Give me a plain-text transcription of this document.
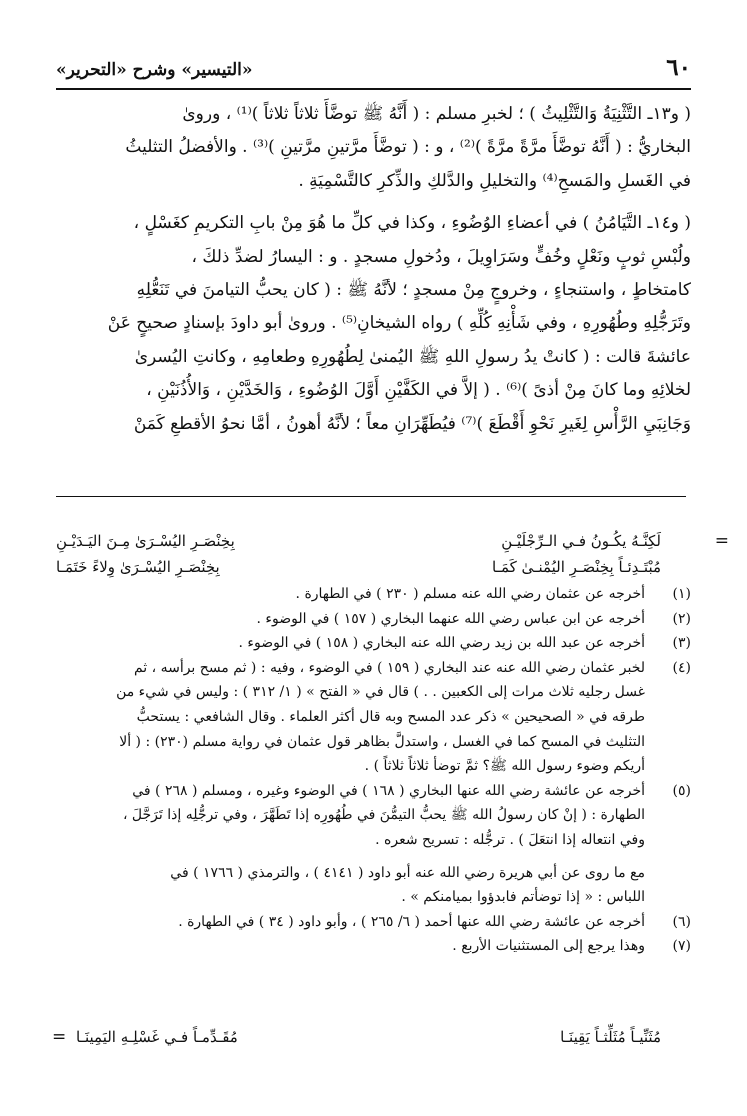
«التيسير» وشرح «التحرير»	٦٠

( و١٣ـ التَّثْنِيَةُ وَالتَّثْلِيثُ ) ؛ لخبرِ مسلم : ( أَنَّهُ ﷺ توضَّأَ ثلاثاً ثلاثاً )⁽¹⁾ ، وروىٰ

البخاريُّ : ( أَنَّهُ توضَّأَ مرَّةً مرَّةً )⁽²⁾ ، و : ( توضَّأَ مرَّتينِ مرَّتينِ )⁽³⁾ . والأفضلُ التثليثُ

في الغَسلِ والمَسحِ⁽⁴⁾ والتخليلِ والدَّلكِ والذِّكرِ كالتَّسْمِيَةِ .

( و١٤ـ التَّيَامُنُ ) في أعضاءِ الوُضُوءِ ، وكذا في كلِّ ما هُوَ مِنْ بابِ التكريمِ كغَسْلٍ ،

ولُبْسِ ثوبٍ ونَعْلٍ وخُفٍّ وسَرَاوِيلَ ، ودُخولِ مسجدٍ . و : اليسارُ لضدِّ ذلكَ ،

كامتخاطٍ ، واستنجاءٍ ، وخروجٍ مِنْ مسجدٍ ؛ لأنَّهُ ﷺ : ( كان يحبُّ التيامنَ في تَنَعُّلِهِ

وتَرَجُّلِهِ وطُهُورِهِ ، وفي شَأْنِهِ كُلِّهِ ) رواه الشيخانِ⁽⁵⁾ . وروىٰ أبو داودَ بإسنادٍ صحيحٍ عَنْ

عائشةَ قالت : ( كانتْ يدُ رسولِ اللهِ ﷺ اليُمنىٰ لِطُهُورِهِ وطعامِهِ ، وكانتِ اليُسرىٰ

لخلائِهِ وما كانَ مِنْ أذىً )⁽⁶⁾ . ( إلاَّ في الكَفَّيْنِ أَوَّلَ الوُضُوءِ ، وَالخَدَّيْنِ ، وَالأُذُنَيْنِ ،

وَجَانِبَيِ الرَّأْسِ لِغَيرِ نَحْوِ أَقْطَعَ )⁽⁷⁾ فيُطَهِّرَانِ معاً ؛ لأنَّهُ أهونُ ، أمَّا نحوُ الأقطعِ كَمَنْ

=
لَكِنَّـهُ يكُـونُ فـي الـرِّجْلَيْـنِ
بِخِنْصَـرِ اليُسْـرَىٰ مِـنَ اليَـدَيْـنِ
مُبْتَـدِئـاً بِخِنْصَـرِ اليُمْنـىٰ كَمَـا
بِخِنْصَـرِ اليُسْـرَىٰ وِلاءً خَتَمَـا
(١)
أخرجه عن عثمان رضي الله عنه مسلم ( ٢٣٠ ) في الطهارة .
(٢)
أخرجه عن ابن عباس رضي الله عنهما البخاري ( ١٥٧ ) في الوضوء .
(٣)
أخرجه عن عبد الله بن زيد رضي الله عنه البخاري ( ١٥٨ ) في الوضوء .
(٤)
لخبر عثمان رضي الله عنه عند البخاري ( ١٥٩ ) في الوضوء ، وفيه : ( ثم مسح برأسه ، ثم
غسل رجليه ثلاث مرات إلى الكعبين . . ) قال في « الفتح » ( ١/ ٣١٢ ) : وليس في شيء من
طرقه في « الصحيحين » ذكر عدد المسح وبه قال أكثر العلماء . وقال الشافعي : يستحبُّ
التثليث في المسح كما في الغسل ، واستدلَّ بظاهر قول عثمان في رواية مسلم (٢٣٠) : ( ألا
أريكم وضوء رسول الله ﷺ؟ ثمَّ توضأ ثلاثاً ثلاثاً ) .
(٥)
أخرجه عن عائشة رضي الله عنها البخاري ( ١٦٨ ) في الوضوء وغيره ، ومسلم ( ٢٦٨ ) في
الطهارة : ( إنْ كان رسولُ الله ﷺ يحبُّ التيمُّنَ في طُهُورِه إذا تَطَهَّرَ ، وفي ترجُّلِه إذا تَرَجَّلَ ،
وفي انتعاله إذا انتعَلَ ) . ترجُّله : تسريح شعره .
مع ما روى عن أبي هريرة رضي الله عنه أبو داود ( ٤١٤١ ) ، والترمذي ( ١٧٦٦ ) في
اللباس : « إذا توضأتم فابدؤوا بميامنكم » .
(٦)
أخرجه عن عائشة رضي الله عنها أحمد ( ٦/ ٢٦٥ ) ، وأبو داود ( ٣٤ ) في الطهارة .
(٧)
وهذا يرجع إلى المستثنيات الأربع .
مُثَنِّيـاً مُثَلِّثـاً يَقِينَـا
مُقَـدِّمـاً فـي غَسْلِـهِ اليَمِينَـا
=
